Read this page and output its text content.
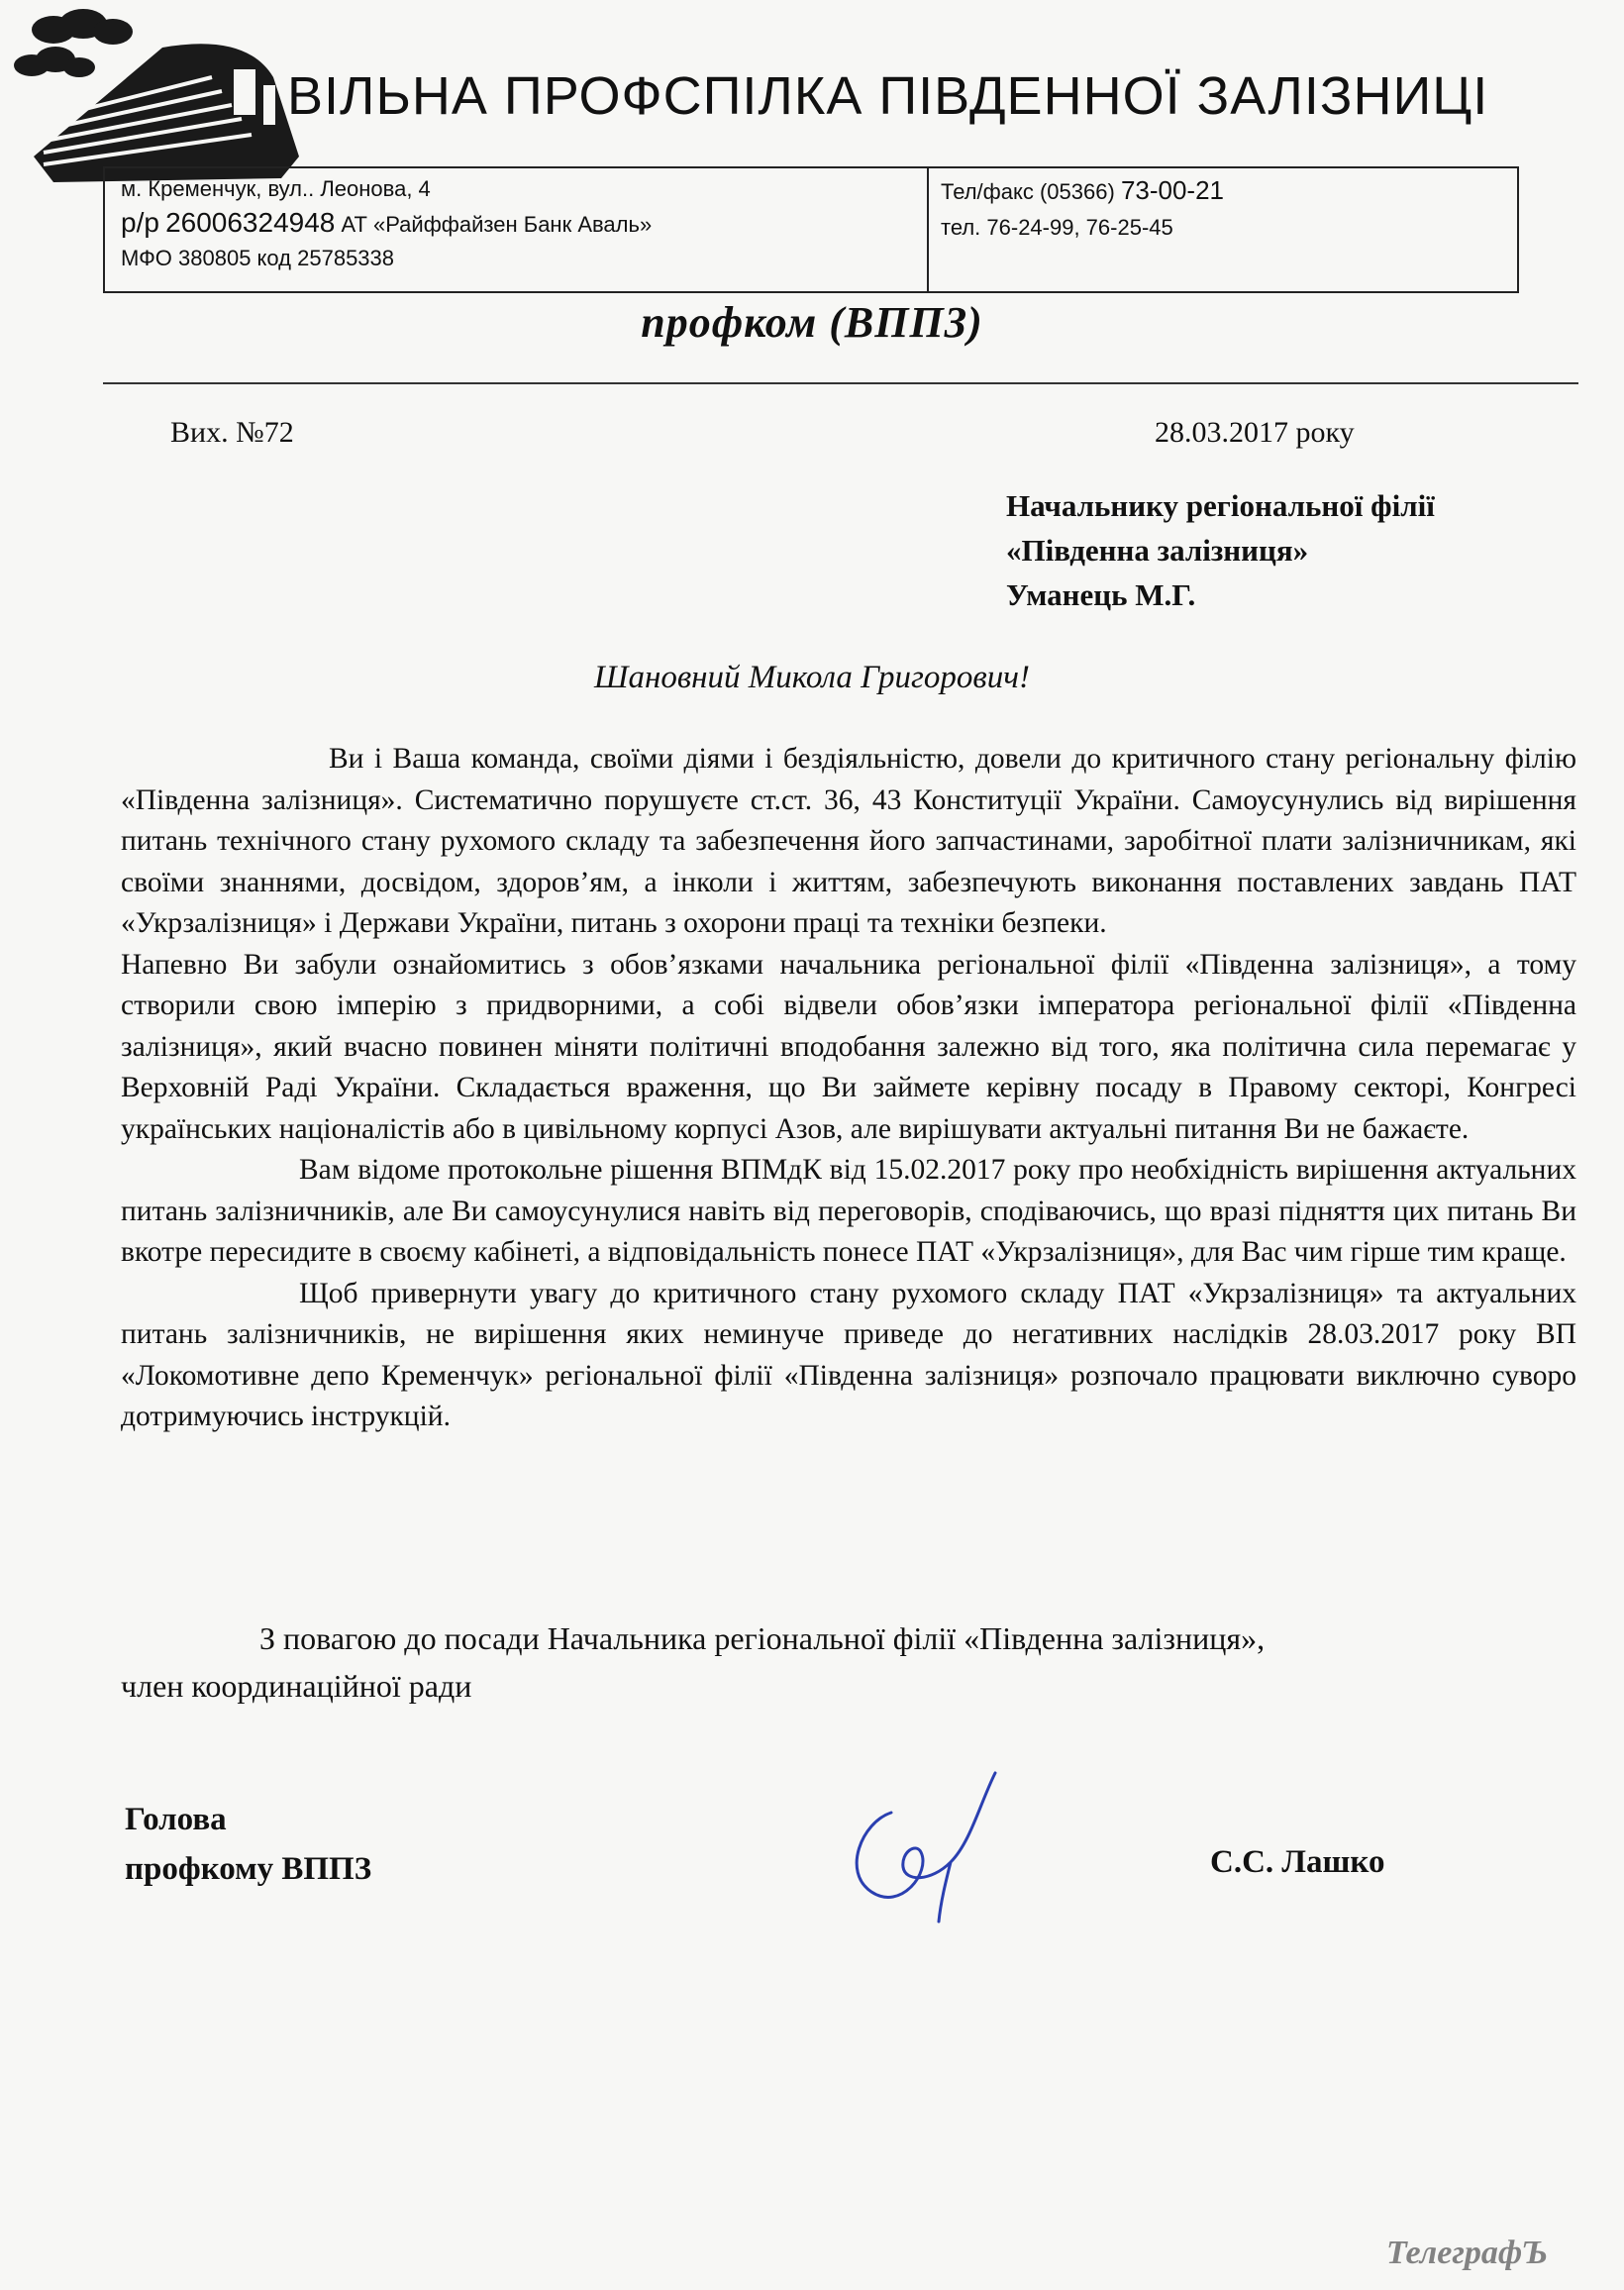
ВІЛЬНА ПРОФСПІЛКА ПІВДЕННОЇ ЗАЛІЗНИЦІ
м. Кременчук, вул.. Леонова, 4
р/р 26006324948 АТ «Райффайзен Банк Аваль»
МФО 380805 код 25785338
Тел/факс (05366) 73-00-21
тел. 76-24-99, 76-25-45
профком (ВППЗ)
Вих. №72	28.03.2017 року
Начальнику регіональної філії
«Південна залізниця»
Уманець М.Г.
Шановний Микола Григорович!

Ви і Ваша команда, своїми діями і бездіяльністю, довели до критичного стану регіональну філію «Південна залізниця». Систематично порушуєте ст.ст. 36, 43 Конституції України. Самоусунулись від вирішення питань технічного стану рухомого складу та забезпечення його запчастинами, заробітної плати залізничникам, які своїми знаннями, досвідом, здоров’ям, а інколи і життям, забезпечують виконання поставлених завдань ПАТ «Укрзалізниця» і Держави України, питань з охорони праці та техніки безпеки.

Напевно Ви забули ознайомитись з обов’язками начальника регіональної філії «Південна залізниця», а тому створили свою імперію з придворними, а собі відвели обов’язки імператора регіональної філії «Південна залізниця», який вчасно повинен міняти політичні вподобання залежно від того, яка політична сила перемагає у Верховній Раді України. Складається враження, що Ви займете керівну посаду в Правому секторі, Конгресі українських націоналістів або в цивільному корпусі Азов, але вирішувати актуальні питання Ви не бажаєте.

Вам відоме протокольне рішення ВПМдК від 15.02.2017 року про необхідність вирішення актуальних питань залізничників, але Ви самоусунулися навіть від переговорів, сподіваючись, що вразі підняття цих питань Ви вкотре пересидите в своєму кабінеті, а відповідальність понесе ПАТ «Укрзалізниця», для Вас чим гірше тим краще.

Щоб привернути увагу до критичного стану рухомого складу ПАТ «Укрзалізниця» та актуальних питань залізничників, не вирішення яких неминуче приведе до негативних наслідків 28.03.2017 року ВП «Локомотивне депо Кременчук» регіональної філії «Південна залізниця» розпочало працювати виключно суворо дотримуючись інструкцій.

З повагою до посади Начальника регіональної філії «Південна залізниця»,
член координаційної ради
Голова
профкому ВППЗ	С.С. Лашко
ТелеграфЪ
